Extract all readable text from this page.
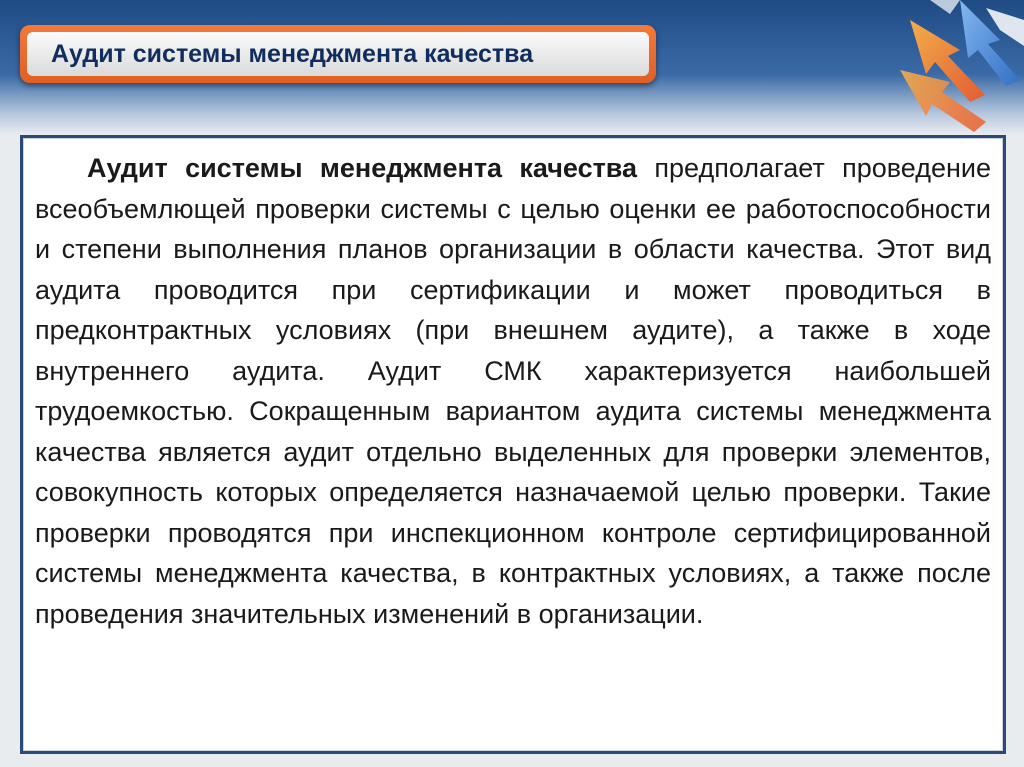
Аудит системы менеджмента качества

Аудит системы менеджмента качества предполагает проведение всеобъемлющей проверки системы с целью оценки ее работоспособности и степени выполнения планов организации в области качества. Этот вид аудита проводится при сертификации и может проводиться в предконтрактных условиях (при внешнем аудите), а также в ходе внутреннего аудита. Аудит СМК характеризуется наибольшей трудоемкостью. Сокращенным вариантом аудита системы менеджмента качества является аудит отдельно выделенных для проверки элементов, совокупность которых определяется назначаемой целью проверки. Такие проверки проводятся при инспекционном контроле сертифицированной системы менеджмента качества, в контрактных условиях, а также после проведения значительных изменений в организации.
